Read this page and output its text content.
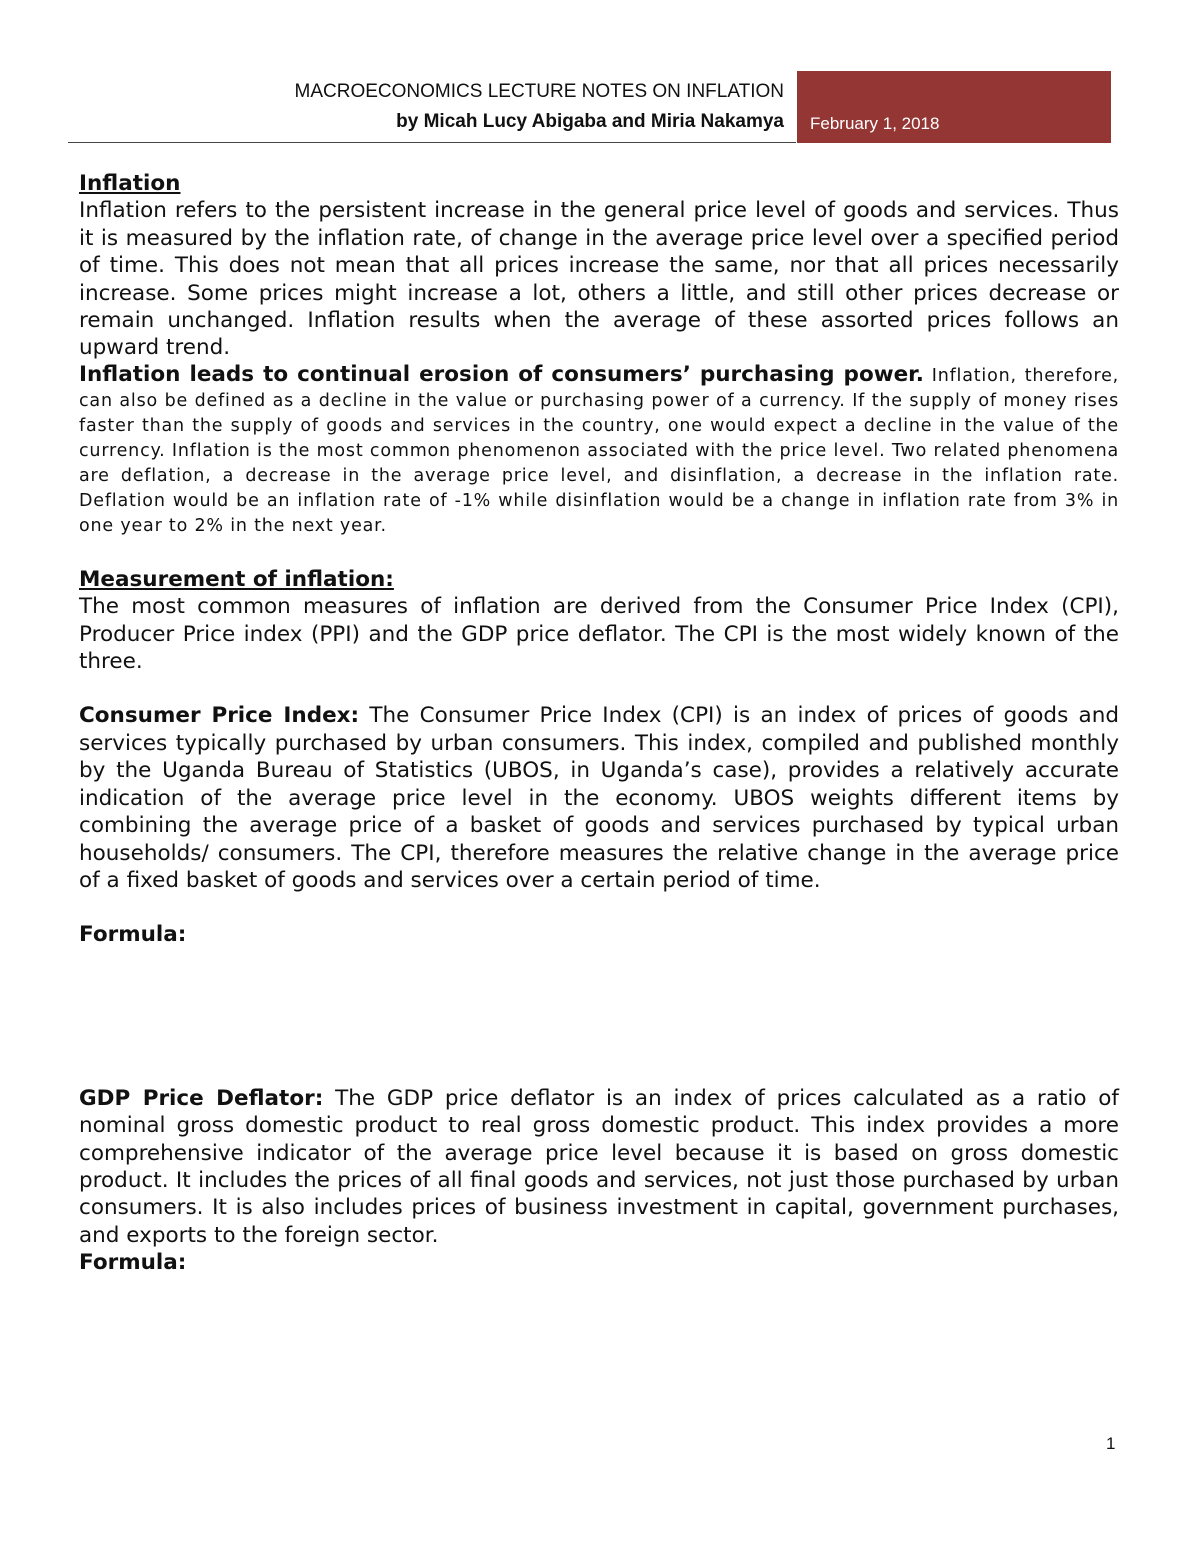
MACROECONOMICS LECTURE NOTES ON INFLATION
by Micah Lucy Abigaba and Miria Nakamya February 1, 2018

Inflation

Inflation refers to the persistent increase in the general price level of goods and services. Thus it is measured by the inflation rate, of change in the average price level over a specified period of time. This does not mean that all prices increase the same, nor that all prices necessarily increase. Some prices might increase a lot, others a little, and still other prices decrease or remain unchanged. Inflation results when the average of these assorted prices follows an upward trend.

Inflation leads to continual erosion of consumers’ purchasing power. Inflation, therefore, can also be defined as a decline in the value or purchasing power of a currency. If the supply of money rises faster than the supply of goods and services in the country, one would expect a decline in the value of the currency. Inflation is the most common phenomenon associated with the price level. Two related phenomena are deflation, a decrease in the average price level, and disinflation, a decrease in the inflation rate. Deflation would be an inflation rate of -1% while disinflation would be a change in inflation rate from 3% in one year to 2% in the next year.

Measurement of inflation:

The most common measures of inflation are derived from the Consumer Price Index (CPI), Producer Price index (PPI) and the GDP price deflator. The CPI is the most widely known of the three.

Consumer Price Index: The Consumer Price Index (CPI) is an index of prices of goods and services typically purchased by urban consumers. This index, compiled and published monthly by the Uganda Bureau of Statistics (UBOS, in Uganda’s case), provides a relatively accurate indication of the average price level in the economy. UBOS weights different items by combining the average price of a basket of goods and services purchased by typical urban households/ consumers. The CPI, therefore measures the relative change in the average price of a fixed basket of goods and services over a certain period of time.

Formula:

GDP Price Deflator: The GDP price deflator is an index of prices calculated as a ratio of nominal gross domestic product to real gross domestic product. This index provides a more comprehensive indicator of the average price level because it is based on gross domestic product. It includes the prices of all final goods and services, not just those purchased by urban consumers. It is also includes prices of business investment in capital, government purchases, and exports to the foreign sector.

Formula:

1
